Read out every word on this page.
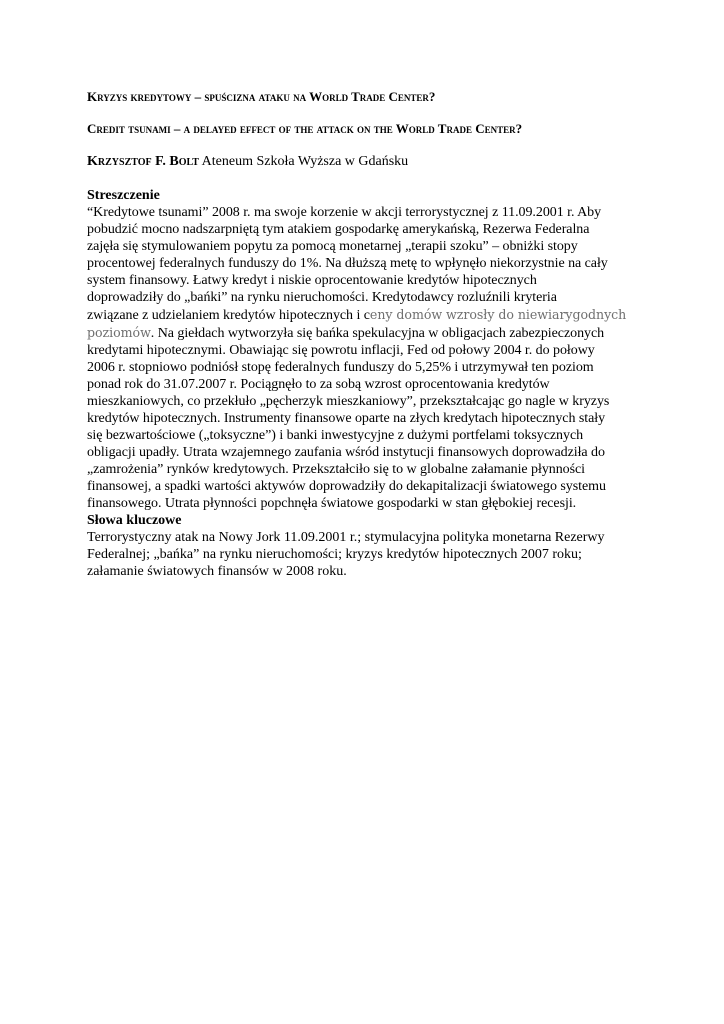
Kryzys kredytowy – spuścizna ataku na World Trade Center?
Credit tsunami – a delayed effect of the attack on the World Trade Center?
Krzysztof F. Bolt Ateneum Szkoła Wyższa w Gdańsku
Streszczenie
“Kredytowe tsunami” 2008 r. ma swoje korzenie w akcji terrorystycznej z 11.09.2001 r. Aby
pobudzić mocno nadszarpniętą tym atakiem gospodarkę amerykańską, Rezerwa Federalna
zajęła się stymulowaniem popytu za pomocą monetarnej „terapii szoku” – obniżki stopy
procentowej federalnych funduszy do 1%. Na dłuższą metę to wpłynęło niekorzystnie na cały
system finansowy. Łatwy kredyt i niskie oprocentowanie kredytów hipotecznych
doprowadziły do „bańki” na rynku nieruchomości. Kredytodawcy rozluźnili kryteria
związane z udzielaniem kredytów hipotecznych i ceny domów wzrosły do niewiarygodnych
poziomów. Na giełdach wytworzyła się bańka spekulacyjna w obligacjach zabezpieczonych
kredytami hipotecznymi. Obawiając się powrotu inflacji, Fed od połowy 2004 r. do połowy
2006 r. stopniowo podniósł stopę federalnych funduszy do 5,25% i utrzymywał ten poziom
ponad rok do 31.07.2007 r. Pociągnęło to za sobą wzrost oprocentowania kredytów
mieszkaniowych, co przekłuło „pęcherzyk mieszkaniowy”, przekształcając go nagle w kryzys
kredytów hipotecznych. Instrumenty finansowe oparte na złych kredytach hipotecznych stały
się bezwartościowe („toksyczne”) i banki inwestycyjne z dużymi portfelami toksycznych
obligacji upadły. Utrata wzajemnego zaufania wśród instytucji finansowych doprowadziła do
„zamrożenia” rynków kredytowych. Przekształciło się to w globalne załamanie płynności
finansowej, a spadki wartości aktywów doprowadziły do dekapitalizacji światowego systemu
finansowego. Utrata płynności popchnęła światowe gospodarki w stan głębokiej recesji.
Słowa kluczowe
Terrorystyczny atak na Nowy Jork 11.09.2001 r.; stymulacyjna polityka monetarna Rezerwy
Federalnej; „bańka” na rynku nieruchomości; kryzys kredytów hipotecznych 2007 roku;
załamanie światowych finansów w 2008 roku.
